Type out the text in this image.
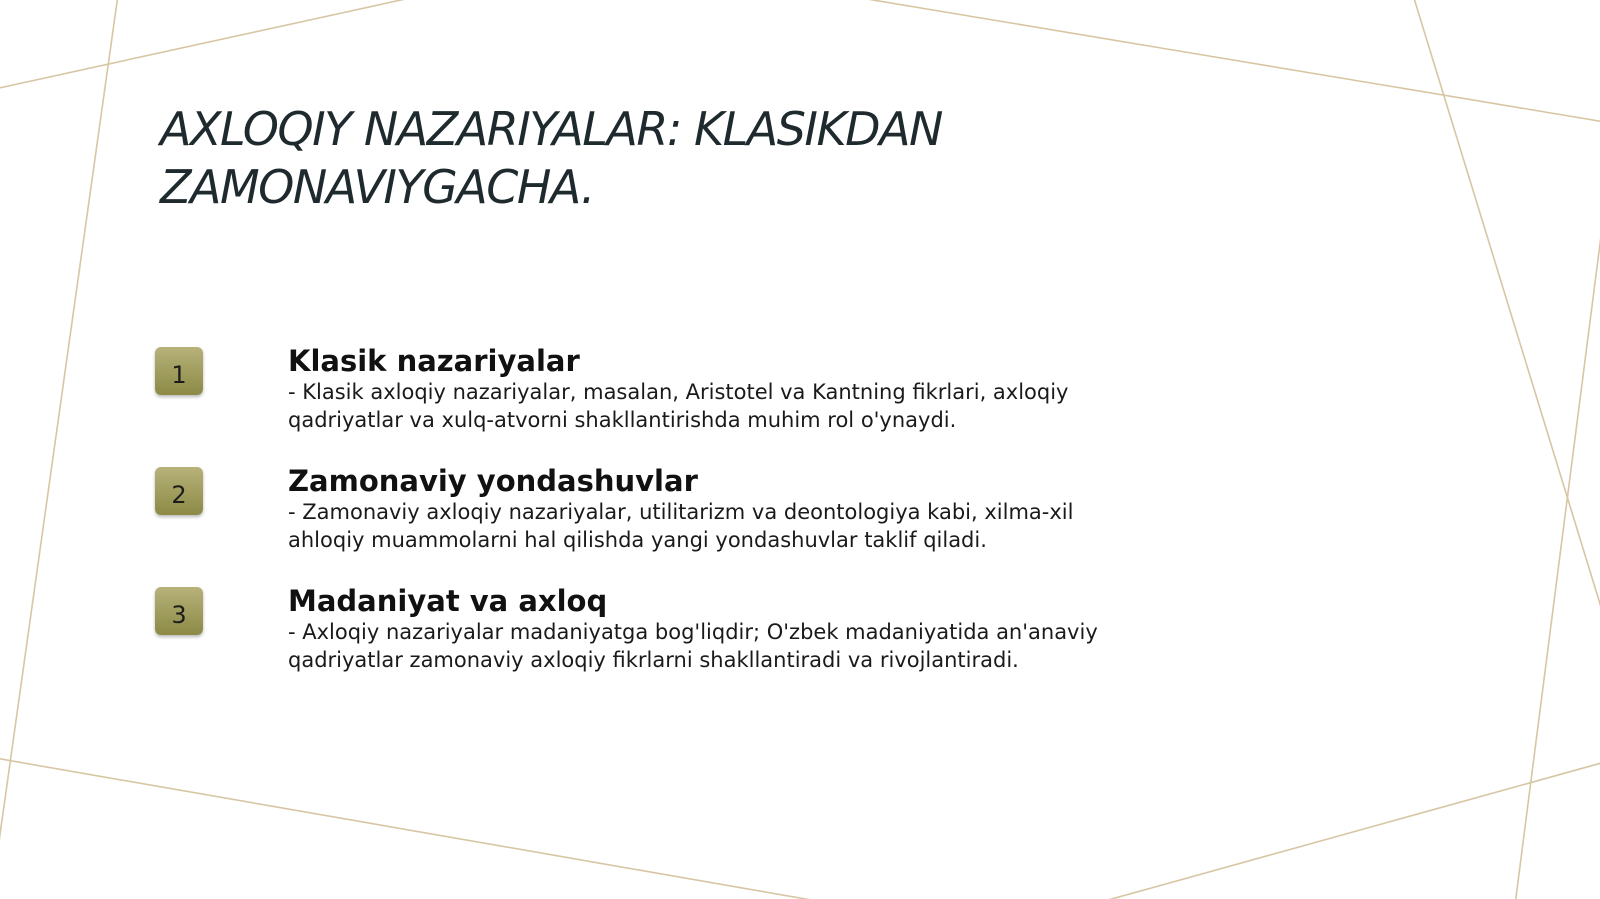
AXLOQIY NAZARIYALAR: KLASIKDAN
ZAMONAVIYGACHA.
1	Klasik nazariyalar

- Klasik axloqiy nazariyalar, masalan, Aristotel va Kantning fikrlari, axloqiy qadriyatlar va xulq-atvorni shakllantirishda muhim rol o'ynaydi.

2	Zamonaviy yondashuvlar

- Zamonaviy axloqiy nazariyalar, utilitarizm va deontologiya kabi, xilma-xil ahloqiy muammolarni hal qilishda yangi yondashuvlar taklif qiladi.

3	Madaniyat va axloq

- Axloqiy nazariyalar madaniyatga bog'liqdir; O'zbek madaniyatida an'anaviy qadriyatlar zamonaviy axloqiy fikrlarni shakllantiradi va rivojlantiradi.
